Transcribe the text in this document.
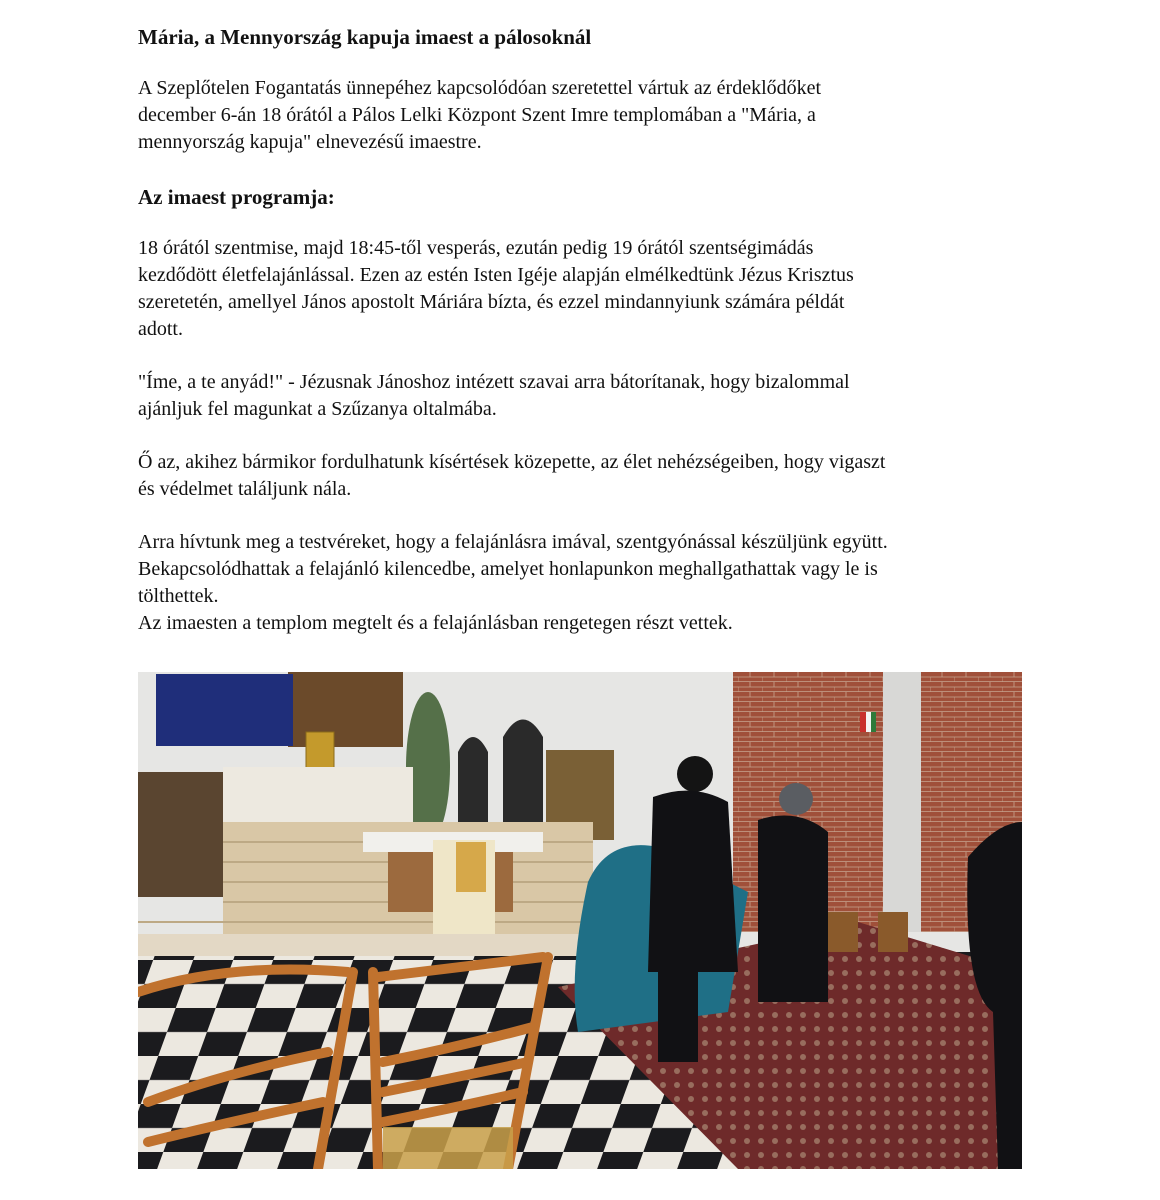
Mária, a Mennyország kapuja imaest a pálosoknál

A Szeplőtelen Fogantatás ünnepéhez kapcsolódóan szeretettel vártuk az érdeklődőket

december 6-án 18 órától a Pálos Lelki Központ Szent Imre templomában a "Mária, a

mennyország kapuja" elnevezésű imaestre.

Az imaest programja:

18 órától szentmise, majd 18:45-től vesperás, ezután pedig 19 órától szentségimádás

kezdődött életfelajánlással. Ezen az estén Isten Igéje alapján elmélkedtünk Jézus Krisztus

szeretetén, amellyel János apostolt Máriára bízta, és ezzel mindannyiunk számára példát

adott.

"Íme, a te anyád!" - Jézusnak Jánoshoz intézett szavai arra bátorítanak, hogy bizalommal

ajánljuk fel magunkat a Szűzanya oltalmába.

Ő az, akihez bármikor fordulhatunk kísértések közepette, az élet nehézségeiben, hogy vigaszt

és védelmet találjunk nála.

Arra hívtunk meg a testvéreket, hogy a felajánlásra imával, szentgyónással készüljünk együtt.

Bekapcsolódhattak a felajánló kilencedbe, amelyet honlapunkon meghallgathattak vagy le is

tölthettek.

Az imaesten a templom megtelt és a felajánlásban rengetegen részt vettek.
